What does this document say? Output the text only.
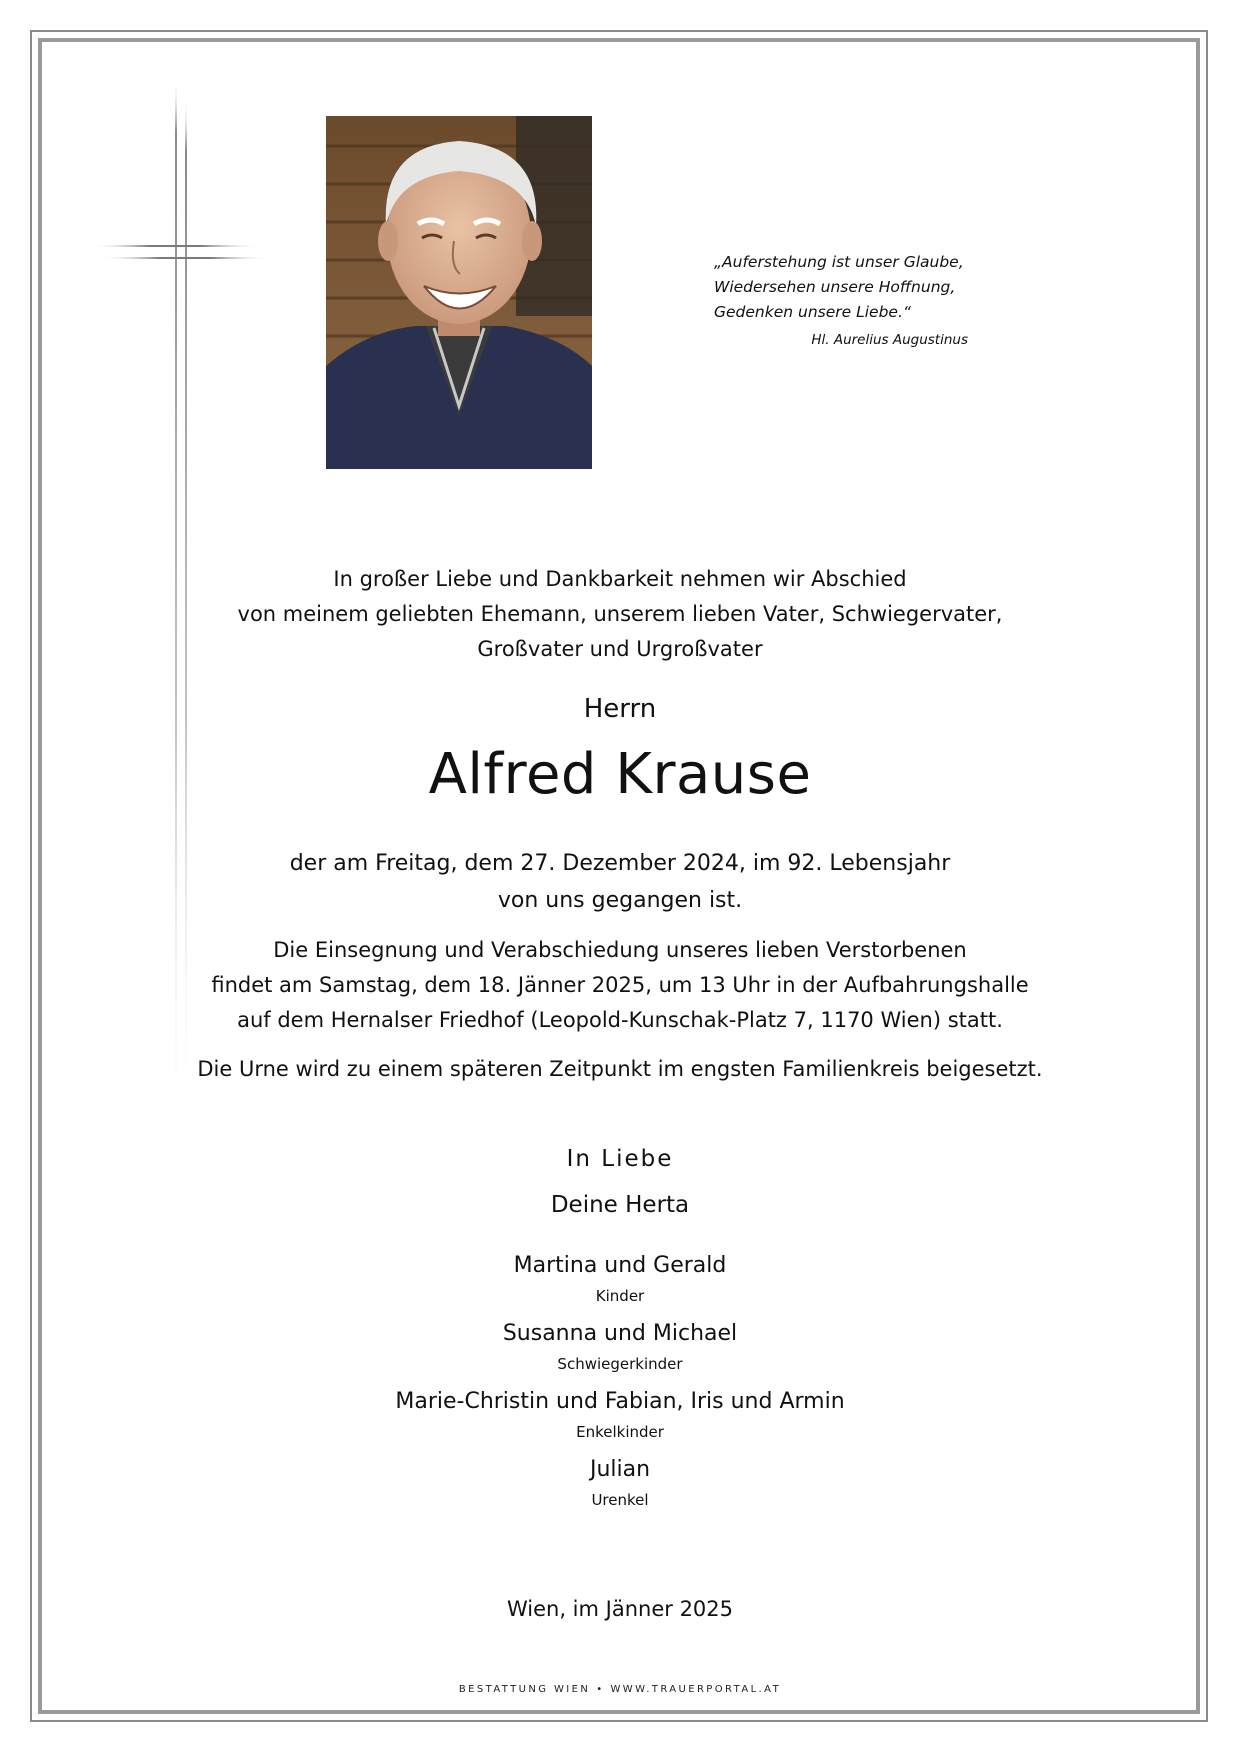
„Auferstehung ist unser Glaube,
Wiedersehen unsere Hoffnung,
Gedenken unsere Liebe.“
Hl. Aurelius Augustinus
In großer Liebe und Dankbarkeit nehmen wir Abschied
von meinem geliebten Ehemann, unserem lieben Vater, Schwiegervater,
Großvater und Urgroßvater
Herrn
Alfred Krause
der am Freitag, dem 27. Dezember 2024, im 92. Lebensjahr
von uns gegangen ist.
Die Einsegnung und Verabschiedung unseres lieben Verstorbenen
findet am Samstag, dem 18. Jänner 2025, um 13 Uhr in der Aufbahrungshalle
auf dem Hernalser Friedhof (Leopold-Kunschak-Platz 7, 1170 Wien) statt.
Die Urne wird zu einem späteren Zeitpunkt im engsten Familienkreis beigesetzt.
In Liebe
Deine Herta
Martina und Gerald
Kinder
Susanna und Michael
Schwiegerkinder
Marie-Christin und Fabian, Iris und Armin
Enkelkinder
Julian
Urenkel
Wien, im Jänner 2025
BESTATTUNG WIEN • WWW.TRAUERPORTAL.AT
